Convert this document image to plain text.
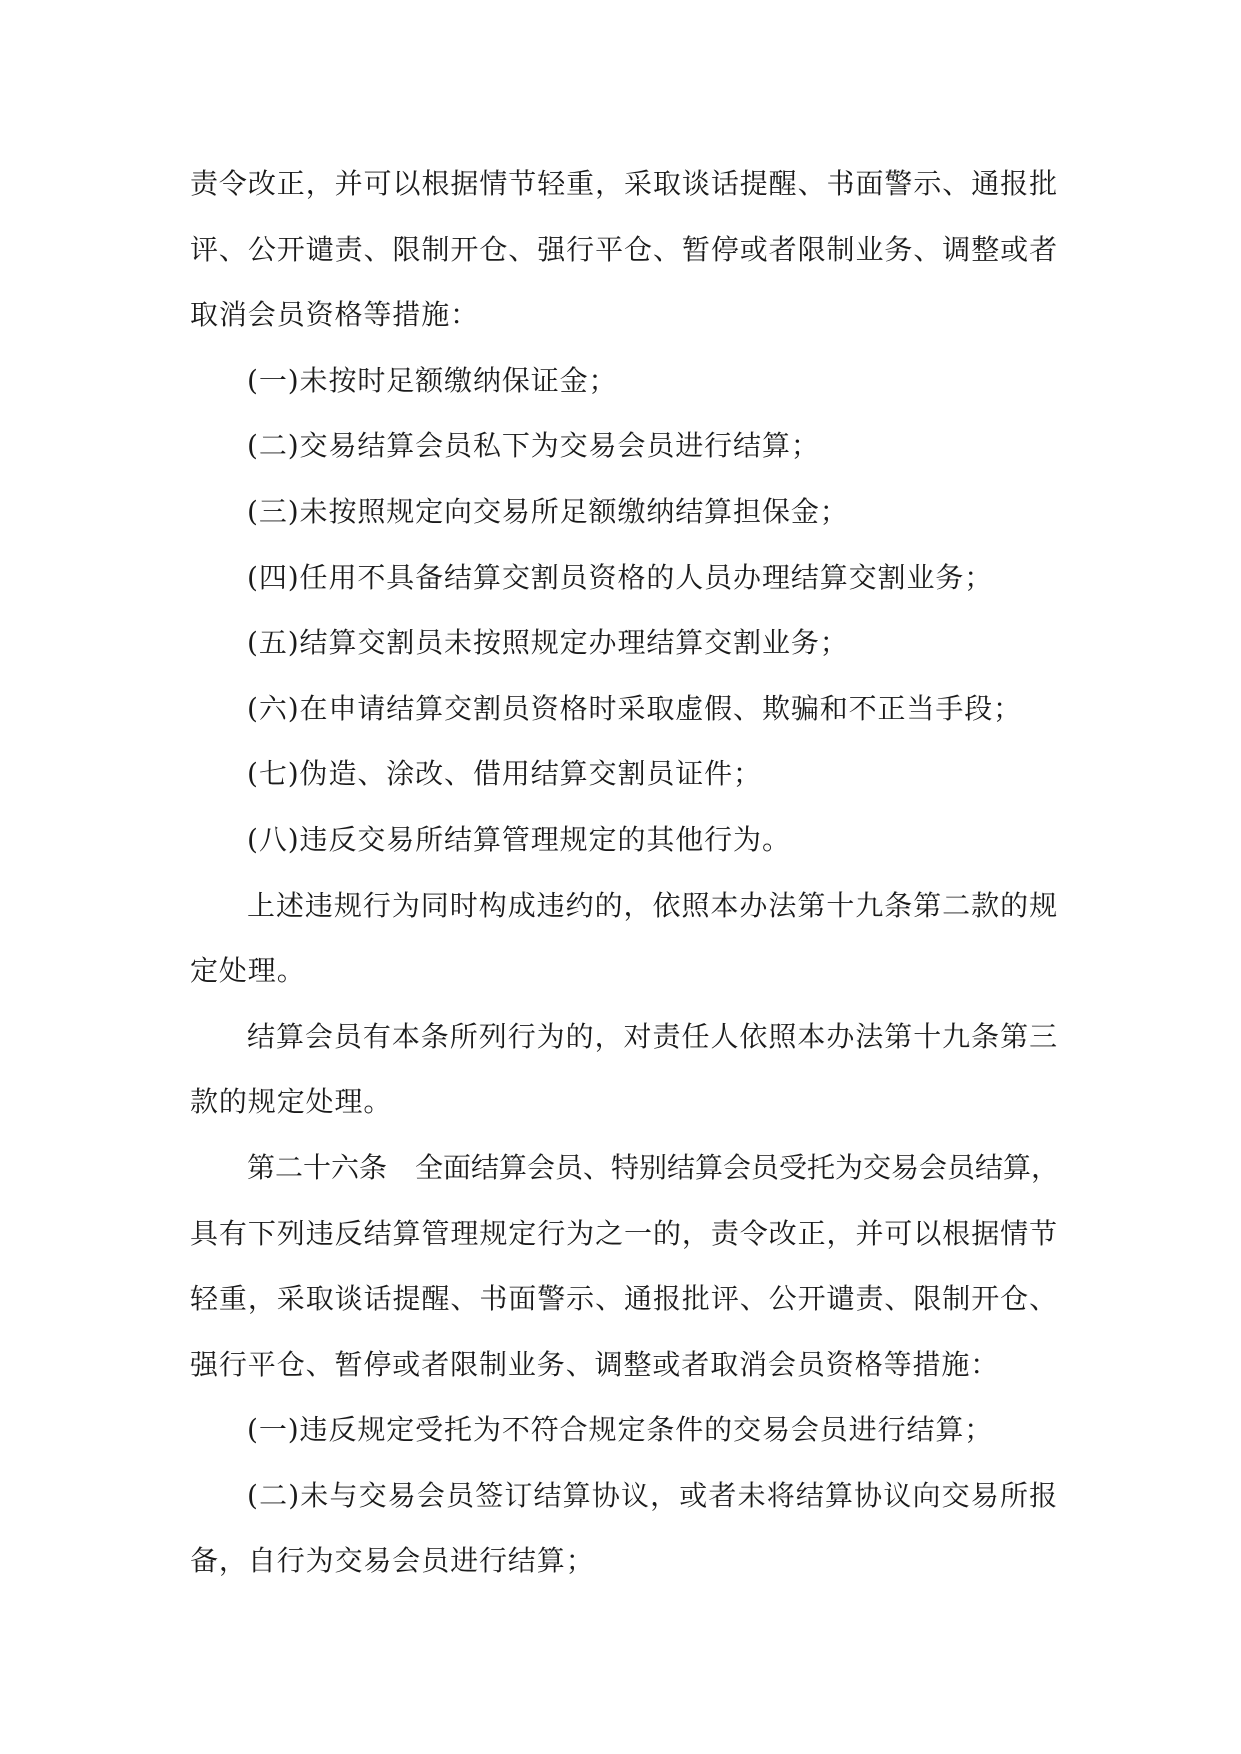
责令改正，并可以根据情节轻重，采取谈话提醒、书面警示、通报批
评、公开谴责、限制开仓、强行平仓、暂停或者限制业务、调整或者
取消会员资格等措施：
(一)未按时足额缴纳保证金；
(二)交易结算会员私下为交易会员进行结算；
(三)未按照规定向交易所足额缴纳结算担保金；
(四)任用不具备结算交割员资格的人员办理结算交割业务；
(五)结算交割员未按照规定办理结算交割业务；
(六)在申请结算交割员资格时采取虚假、欺骗和不正当手段；
(七)伪造、涂改、借用结算交割员证件；
(八)违反交易所结算管理规定的其他行为。
上述违规行为同时构成违约的，依照本办法第十九条第二款的规
定处理。
结算会员有本条所列行为的，对责任人依照本办法第十九条第三
款的规定处理。
第二十六条　全面结算会员、特别结算会员受托为交易会员结算，
具有下列违反结算管理规定行为之一的，责令改正，并可以根据情节
轻重，采取谈话提醒、书面警示、通报批评、公开谴责、限制开仓、
强行平仓、暂停或者限制业务、调整或者取消会员资格等措施：
(一)违反规定受托为不符合规定条件的交易会员进行结算；
(二)未与交易会员签订结算协议，或者未将结算协议向交易所报
备，自行为交易会员进行结算；
